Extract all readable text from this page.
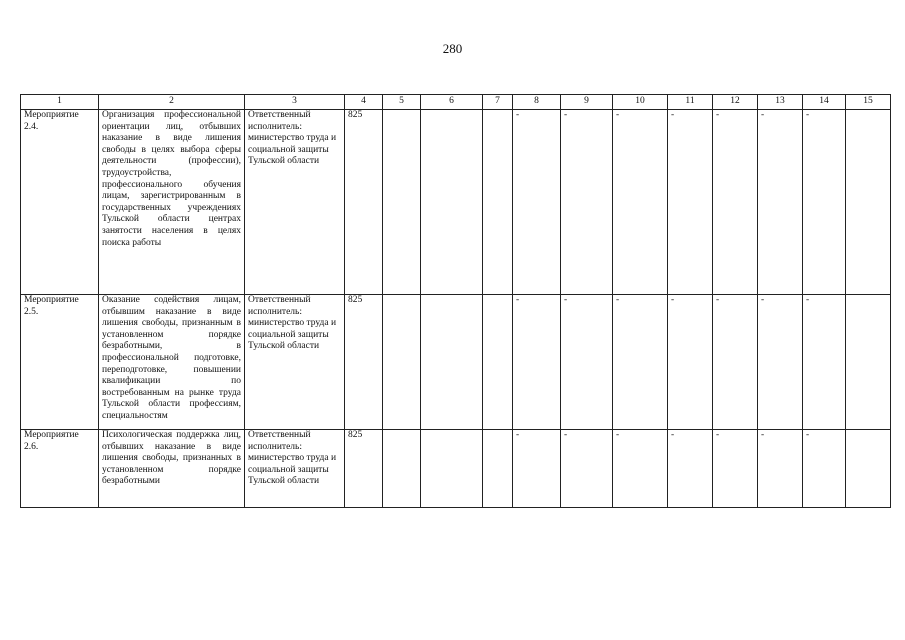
280
1	2	3	4	5	6	7	8	9	10	11	12	13	14	15
Мероприятие 2.4.	Организация профессиональной ориентации лиц, отбывших наказание в виде лишения свободы в целях выбора сферы деятельности (профессии), трудоустройства, профессионального обучения лицам, зарегистрированным в государственных учреждениях Тульской области центрах занятости населения в целях поиска работы	Ответственный исполнитель: министерство труда и социальной защиты Тульской области	825				-	-	-	-	-	-	-	
Мероприятие 2.5.	Оказание содействия лицам, отбывшим наказание в виде лишения свободы, признанным в установленном порядке безработными, в профессиональной подготовке, переподготовке, повышении квалификации по востребованным на рынке труда Тульской области профессиям, специальностям	Ответственный исполнитель: министерство труда и социальной защиты Тульской области	825				-	-	-	-	-	-	-	
Мероприятие 2.6.	Психологическая поддержка лиц, отбывших наказание в виде лишения свободы, признанных в установленном порядке безработными	Ответственный исполнитель: министерство труда и социальной защиты Тульской области	825				-	-	-	-	-	-	-	
